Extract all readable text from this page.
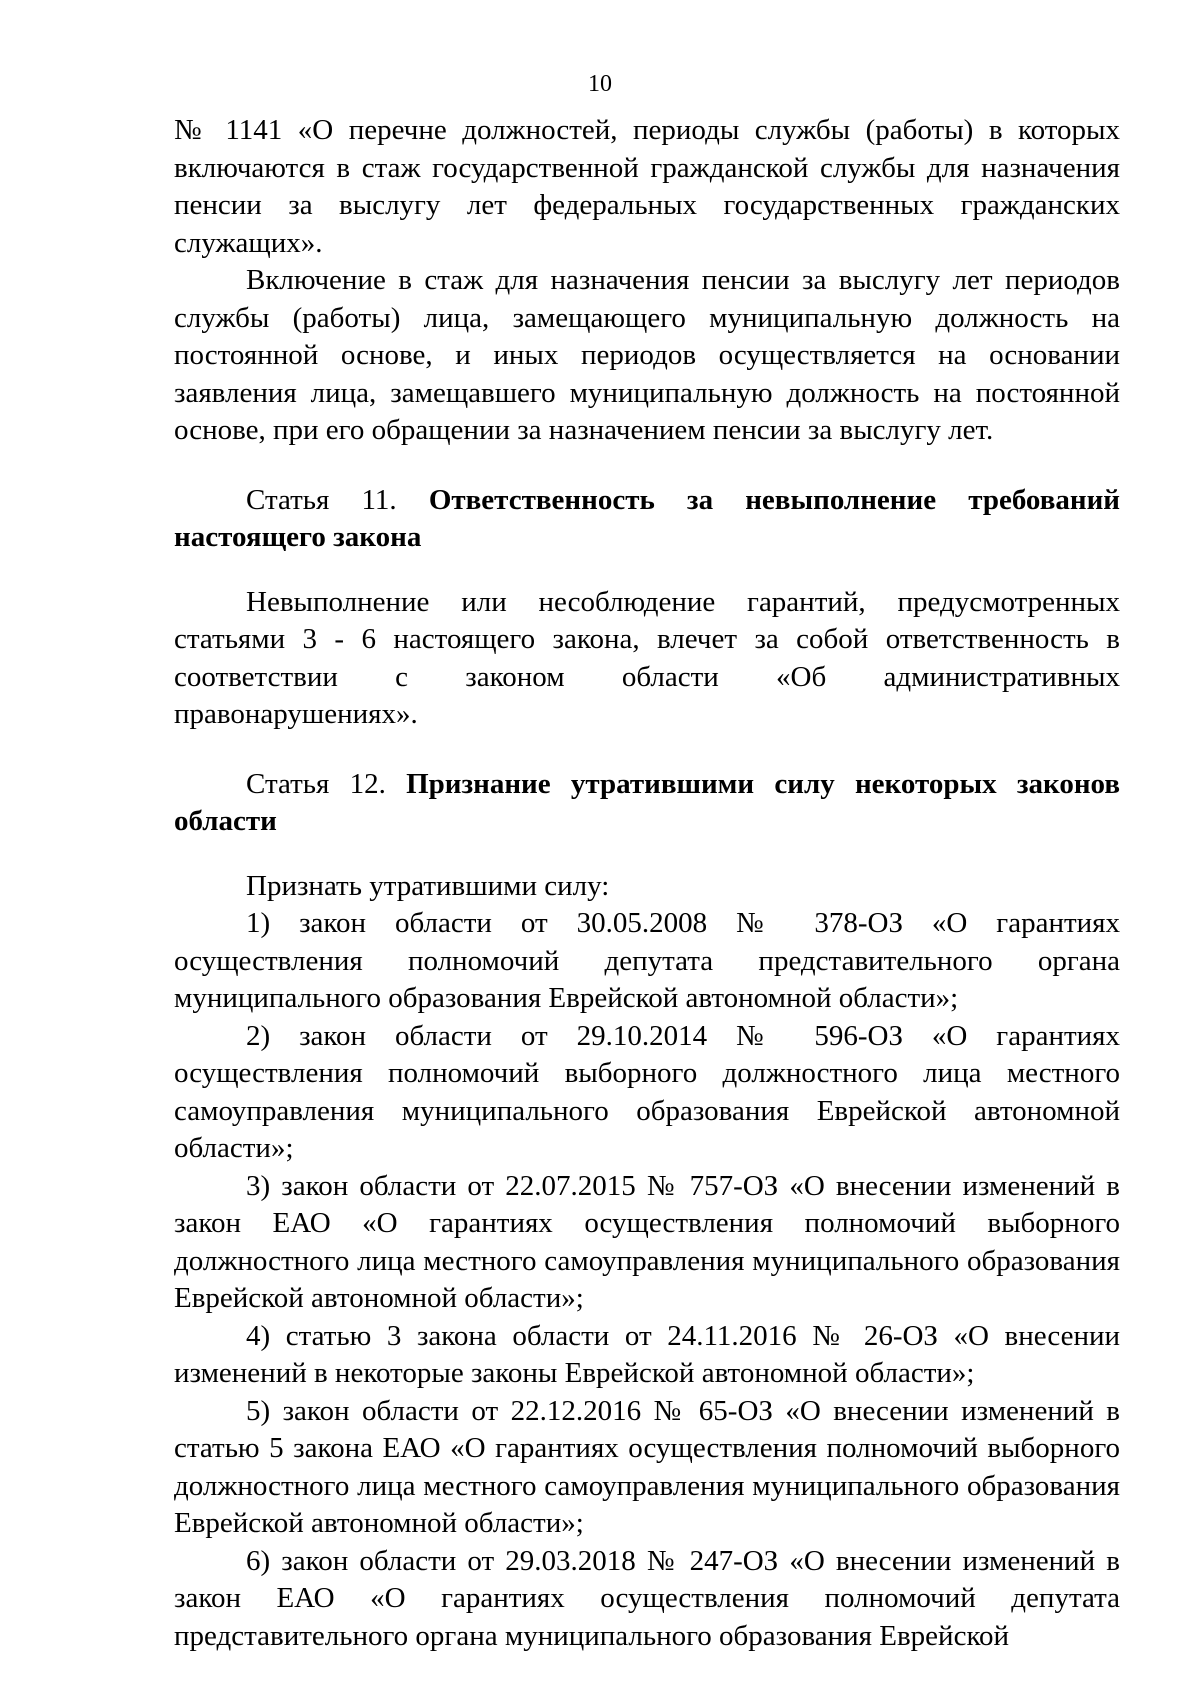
10

№ 1141 «О перечне должностей, периоды службы (работы) в которых включаются в стаж государственной гражданской службы для назначения пенсии за выслугу лет федеральных государственных гражданских служащих».

Включение в стаж для назначения пенсии за выслугу лет периодов службы (работы) лица, замещающего муниципальную должность на постоянной основе, и иных периодов осуществляется на основании заявления лица, замещавшего муниципальную должность на постоянной основе, при его обращении за назначением пенсии за выслугу лет.

Статья 11. Ответственность за невыполнение требований настоящего закона

Невыполнение или несоблюдение гарантий, предусмотренных статьями 3 - 6 настоящего закона, влечет за собой ответственность в соответствии с законом области «Об административных правонарушениях».

Статья 12. Признание утратившими силу некоторых законов области

Признать утратившими силу:

1) закон области от 30.05.2008 № 378-ОЗ «О гарантиях осуществления полномочий депутата представительного органа муниципального образования Еврейской автономной области»;

2) закон области от 29.10.2014 № 596-ОЗ «О гарантиях осуществления полномочий выборного должностного лица местного самоуправления муниципального образования Еврейской автономной области»;

3) закон области от 22.07.2015 № 757-ОЗ «О внесении изменений в закон ЕАО «О гарантиях осуществления полномочий выборного должностного лица местного самоуправления муниципального образования Еврейской автономной области»;

4) статью 3 закона области от 24.11.2016 № 26-ОЗ «О внесении изменений в некоторые законы Еврейской автономной области»;

5) закон области от 22.12.2016 № 65-ОЗ «О внесении изменений в статью 5 закона ЕАО «О гарантиях осуществления полномочий выборного должностного лица местного самоуправления муниципального образования Еврейской автономной области»;

6) закон области от 29.03.2018 № 247-ОЗ «О внесении изменений в закон ЕАО «О гарантиях осуществления полномочий депутата представительного органа муниципального образования Еврейской
